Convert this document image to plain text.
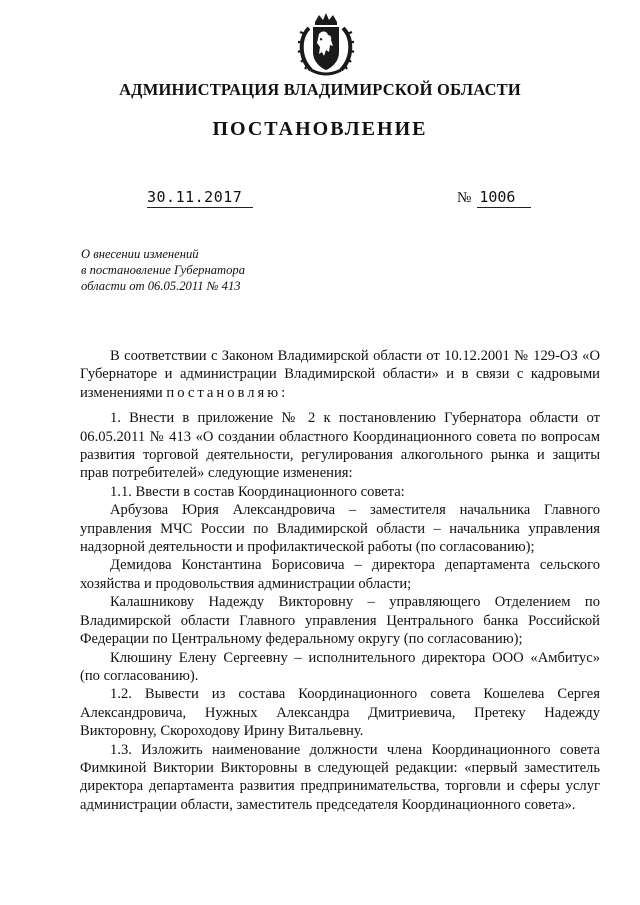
АДМИНИСТРАЦИЯ ВЛАДИМИРСКОЙ ОБЛАСТИ
ПОСТАНОВЛЕНИЕ
30.11.2017	№ 1006
О внесении изменений
в постановление Губернатора
области от 06.05.2011 № 413

В соответствии с Законом Владимирской области от 10.12.2001 № 129-ОЗ «О Губернаторе и администрации Владимирской области» и в связи с кадровыми изменениями постановляю:

1. Внести в приложение № 2 к постановлению Губернатора области от 06.05.2011 № 413 «О создании областного Координационного совета по вопросам развития торговой деятельности, регулирования алкогольного рынка и защиты прав потребителей» следующие изменения:

1.1. Ввести в состав Координационного совета:

Арбузова Юрия Александровича – заместителя начальника Главного управления МЧС России по Владимирской области – начальника управления надзорной деятельности и профилактической работы (по согласованию);

Демидова Константина Борисовича – директора департамента сельского хозяйства и продовольствия администрации области;

Калашникову Надежду Викторовну – управляющего Отделением по Владимирской области Главного управления Центрального банка Российской Федерации по Центральному федеральному округу (по согласованию);

Клюшину Елену Сергеевну – исполнительного директора ООО «Амбитус» (по согласованию).

1.2. Вывести из состава Координационного совета Кошелева Сергея Александровича, Нужных Александра Дмитриевича, Претеку Надежду Викторовну, Скороходову Ирину Витальевну.

1.3. Изложить наименование должности члена Координационного совета Фимкиной Виктории Викторовны в следующей редакции: «первый заместитель директора департамента развития предпринимательства, торговли и сферы услуг администрации области, заместитель председателя Координационного совета».
